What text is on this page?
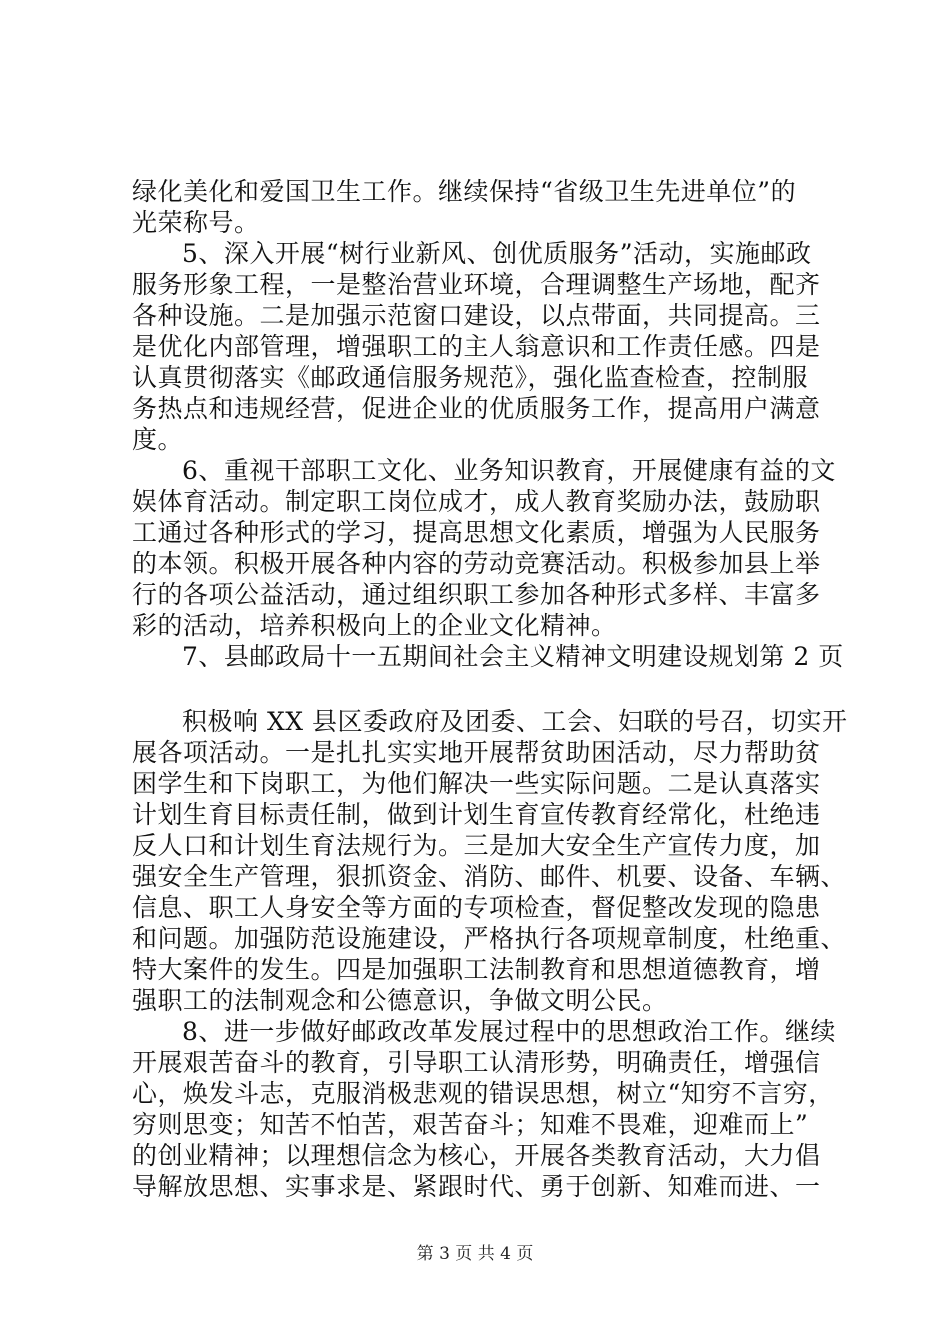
绿化美化和爱国卫生工作。继续保持“省级卫生先进单位”的
光荣称号。
5、深入开展“树行业新风、创优质服务”活动，实施邮政
服务形象工程，一是整治营业环境，合理调整生产场地，配齐
各种设施。二是加强示范窗口建设，以点带面，共同提高。三
是优化内部管理，增强职工的主人翁意识和工作责任感。四是
认真贯彻落实《邮政通信服务规范》，强化监查检查，控制服
务热点和违规经营，促进企业的优质服务工作，提高用户满意
度。
6、重视干部职工文化、业务知识教育，开展健康有益的文
娱体育活动。制定职工岗位成才，成人教育奖励办法，鼓励职
工通过各种形式的学习，提高思想文化素质，增强为人民服务
的本领。积极开展各种内容的劳动竞赛活动。积极参加县上举
行的各项公益活动，通过组织职工参加各种形式多样、丰富多
彩的活动，培养积极向上的企业文化精神。
7、县邮政局十一五期间社会主义精神文明建设规划第 2 页
积极响 XX 县区委政府及团委、工会、妇联的号召，切实开
展各项活动。一是扎扎实实地开展帮贫助困活动，尽力帮助贫
困学生和下岗职工，为他们解决一些实际问题。二是认真落实
计划生育目标责任制，做到计划生育宣传教育经常化，杜绝违
反人口和计划生育法规行为。三是加大安全生产宣传力度，加
强安全生产管理，狠抓资金、消防、邮件、机要、设备、车辆、
信息、职工人身安全等方面的专项检查，督促整改发现的隐患
和问题。加强防范设施建设，严格执行各项规章制度，杜绝重、
特大案件的发生。四是加强职工法制教育和思想道德教育，增
强职工的法制观念和公德意识，争做文明公民。
8、进一步做好邮政改革发展过程中的思想政治工作。继续
开展艰苦奋斗的教育，引导职工认清形势，明确责任，增强信
心，焕发斗志，克服消极悲观的错误思想，树立“知穷不言穷，
穷则思变；知苦不怕苦，艰苦奋斗；知难不畏难，迎难而上”
的创业精神；以理想信念为核心，开展各类教育活动，大力倡
导解放思想、实事求是、紧跟时代、勇于创新、知难而进、一
第 3 页 共 4 页
